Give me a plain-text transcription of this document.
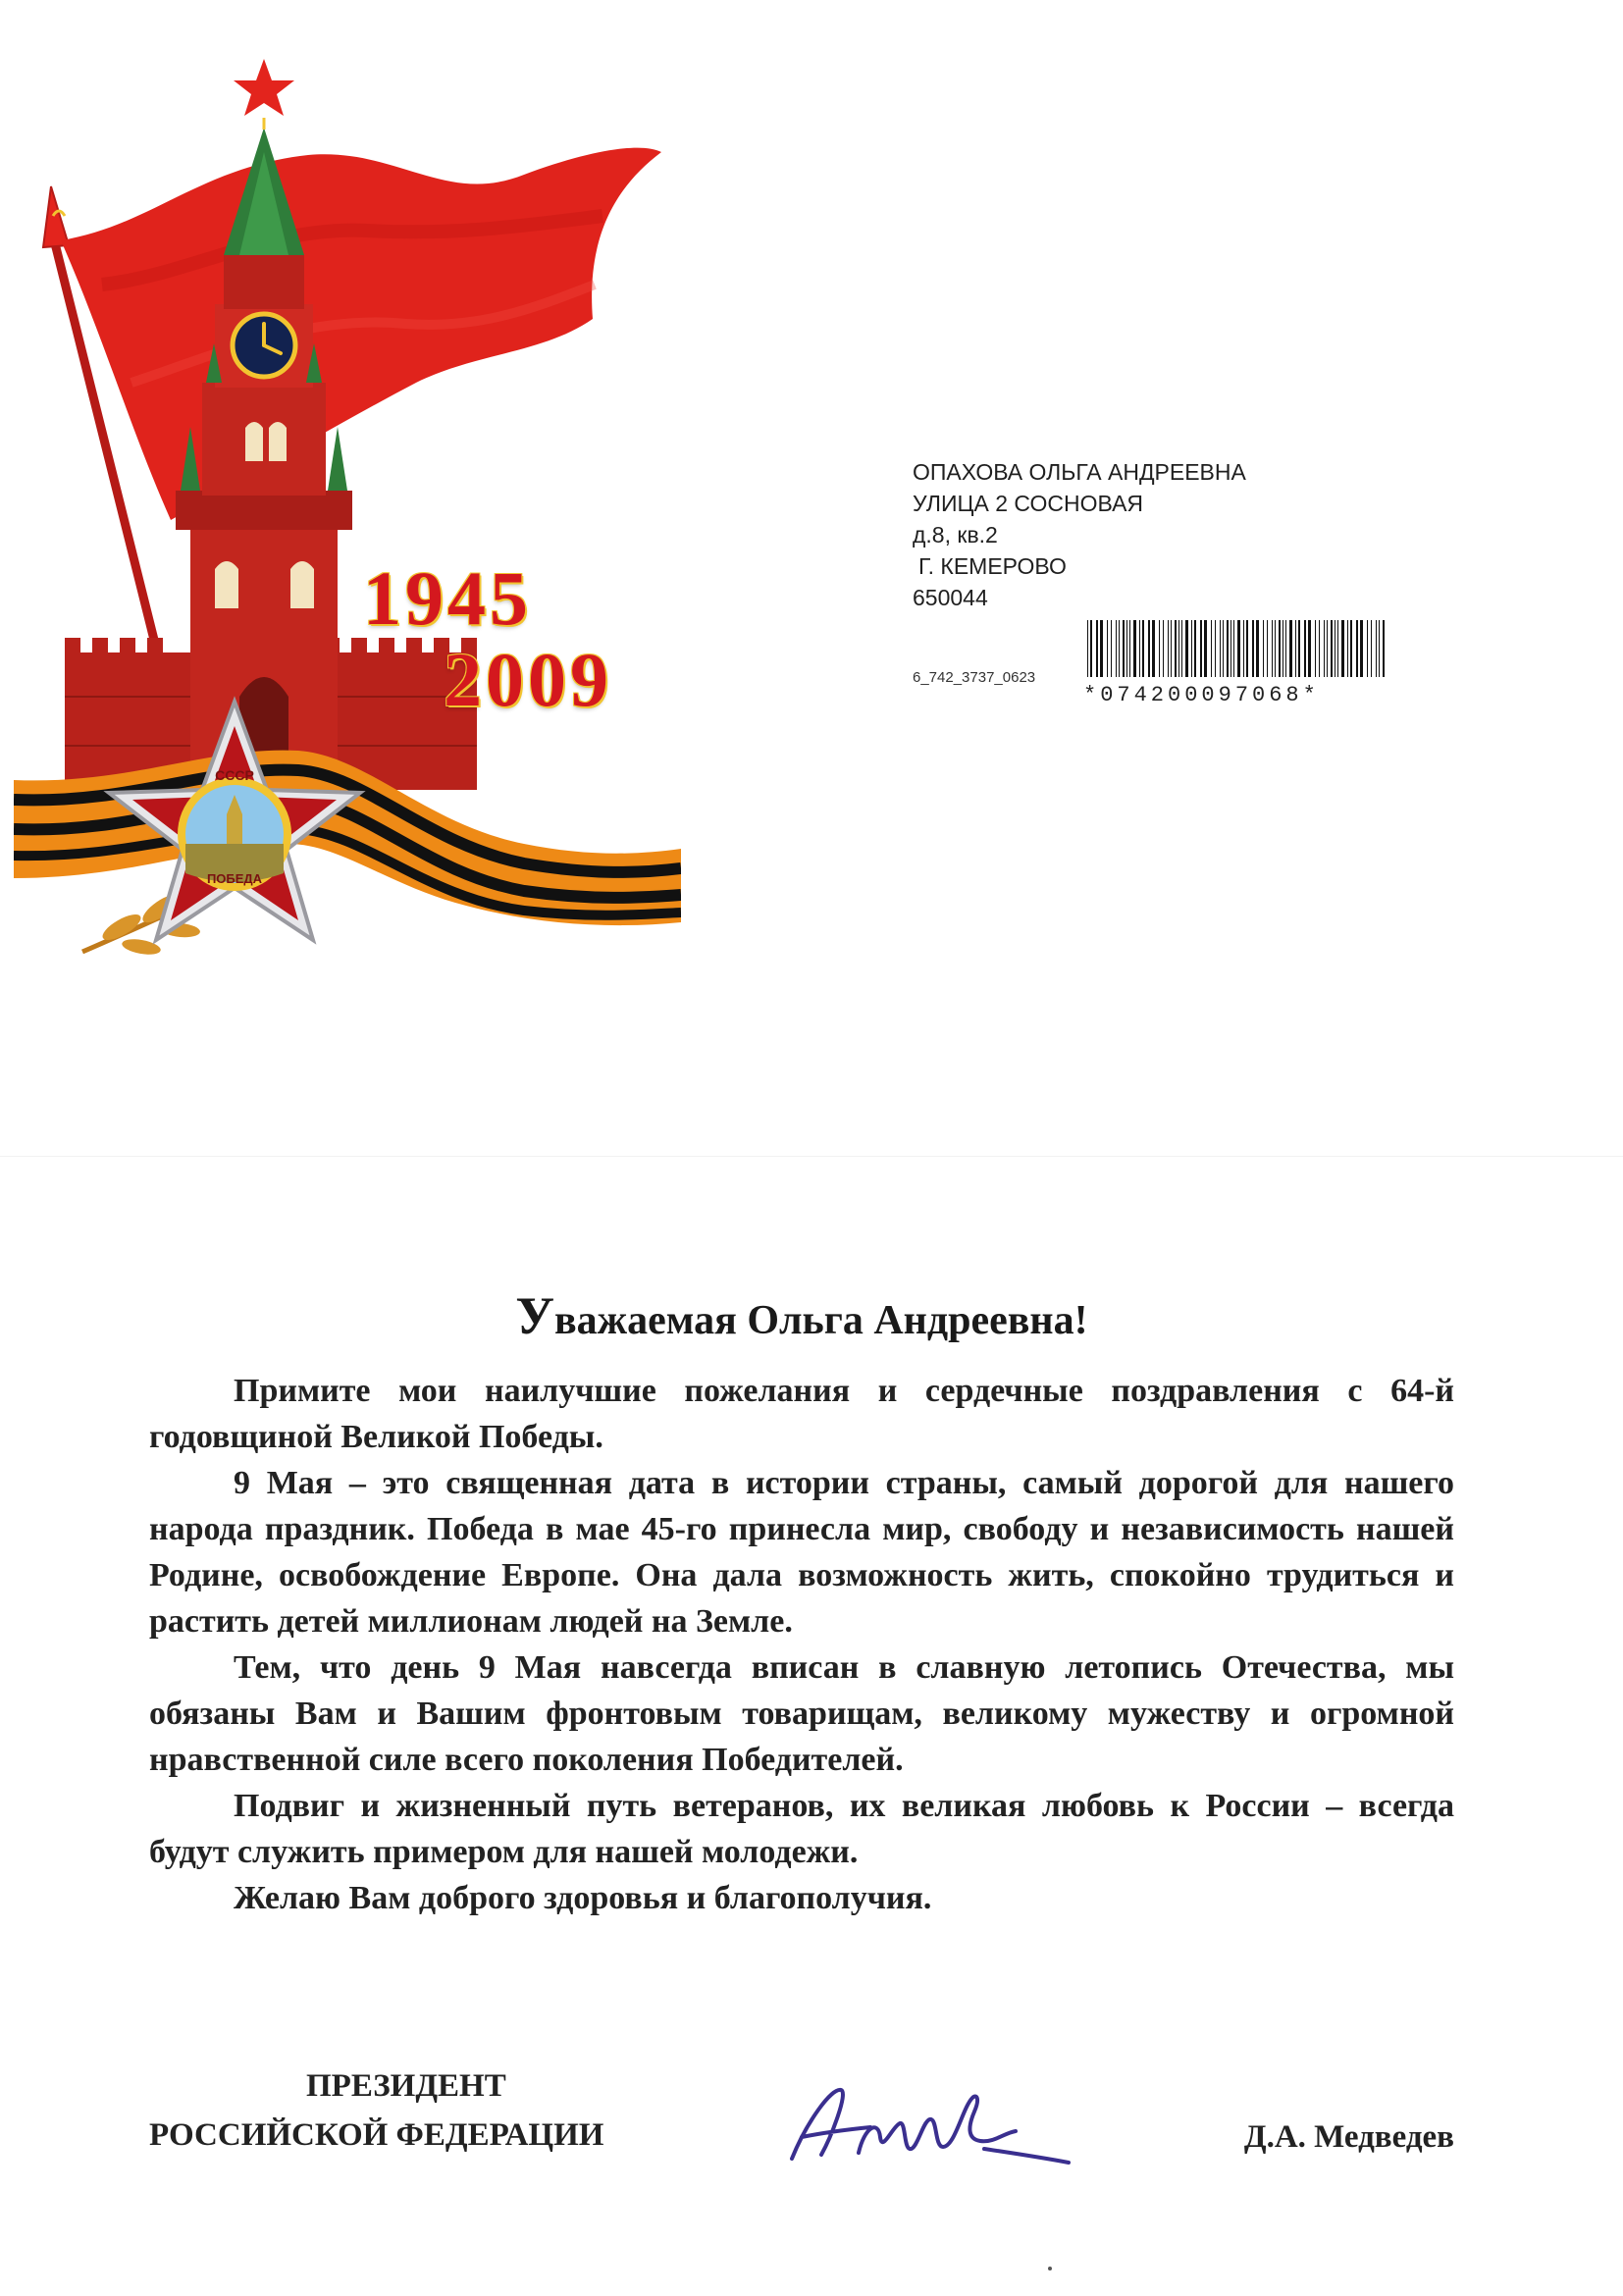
СССР
ПОБЕДА
1945
2009
ОПАХОВА ОЛЬГА АНДРЕЕВНА
УЛИЦА 2 СОСНОВАЯ
д.8, кв.2
Г. КЕМЕРОВО
650044
6_742_3737_0623
*074200097068*
Уважаемая Ольга Андреевна!

Примите мои наилучшие пожелания и сердечные поздравления с 64-й годовщиной Великой Победы.

9 Мая – это священная дата в истории страны, самый дорогой для нашего народа праздник. Победа в мае 45-го принесла мир, свободу и независимость нашей Родине, освобождение Европе. Она дала возможность жить, спокойно трудиться и растить детей миллионам людей на Земле.

Тем, что день 9 Мая навсегда вписан в славную летопись Отечества, мы обязаны Вам и Вашим фронтовым товарищам, великому мужеству и огромной нравственной силе всего поколения Победителей.

Подвиг и жизненный путь ветеранов, их великая любовь к России – всегда будут служить примером для нашей молодежи.

Желаю Вам доброго здоровья и благополучия.

ПРЕЗИДЕНТ
РОССИЙСКОЙ ФЕДЕРАЦИИ	Д.А. Медведев
